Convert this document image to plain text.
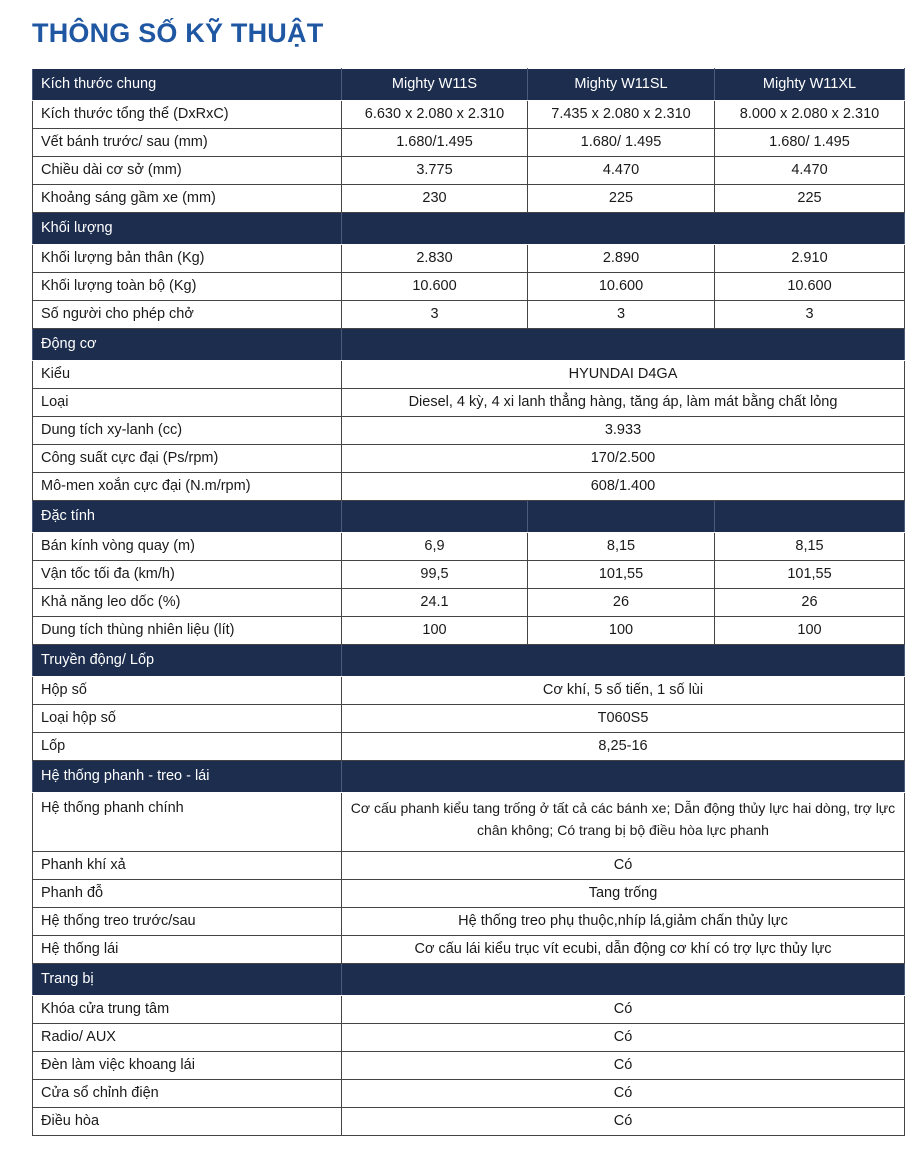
THÔNG SỐ KỸ THUẬT
Kích thước chung	Mighty W11S	Mighty W11SL	Mighty W11XL
Kích thước tổng thể (DxRxC)	6.630 x 2.080 x 2.310	7.435 x 2.080 x 2.310	8.000 x 2.080 x 2.310
Vết bánh trước/ sau (mm)	1.680/1.495	1.680/ 1.495	1.680/ 1.495
Chiều dài cơ sở (mm)	3.775	4.470	4.470
Khoảng sáng gầm xe (mm)	230	225	225
Khối lượng			
Khối lượng bản thân (Kg)	2.830	2.890	2.910
Khối lượng toàn bộ (Kg)	10.600	10.600	10.600
Số người cho phép chở	3	3	3
Động cơ			
Kiểu	HYUNDAI D4GA		
Loại	Diesel, 4 kỳ, 4 xi lanh thẳng hàng, tăng áp, làm mát bằng chất lỏng		
Dung tích xy-lanh (cc)	3.933		
Công suất cực đại (Ps/rpm)	170/2.500		
Mô-men xoắn cực đại (N.m/rpm)	608/1.400		
Đặc tính			
Bán kính vòng quay (m)	6,9	8,15	8,15
Vận tốc tối đa (km/h)	99,5	101,55	101,55
Khả năng leo dốc (%)	24.1	26	26
Dung tích thùng nhiên liệu (lít)	100	100	100
Truyền động/ Lốp			
Hộp số	Cơ khí, 5 số tiến, 1 số lùi		
Loại hộp số	T060S5		
Lốp	8,25-16		
Hệ thống phanh - treo - lái			
Hệ thống phanh chính	Cơ cấu phanh kiểu tang trống ở tất cả các bánh xe; Dẫn động thủy lực hai dòng, trợ lực chân không; Có trang bị bộ điều hòa lực phanh		
Phanh khí xả	Có		
Phanh đỗ	Tang trống		
Hệ thống treo trước/sau	Hệ thống treo phụ thuộc,nhíp lá,giảm chấn thủy lực		
Hệ thống lái	Cơ cấu lái kiểu trục vít ecubi, dẫn động cơ khí có trợ lực thủy lực		
Trang bị			
Khóa cửa trung tâm	Có		
Radio/ AUX	Có		
Đèn làm việc khoang lái	Có		
Cửa sổ chỉnh điện	Có		
Điều hòa	Có		
